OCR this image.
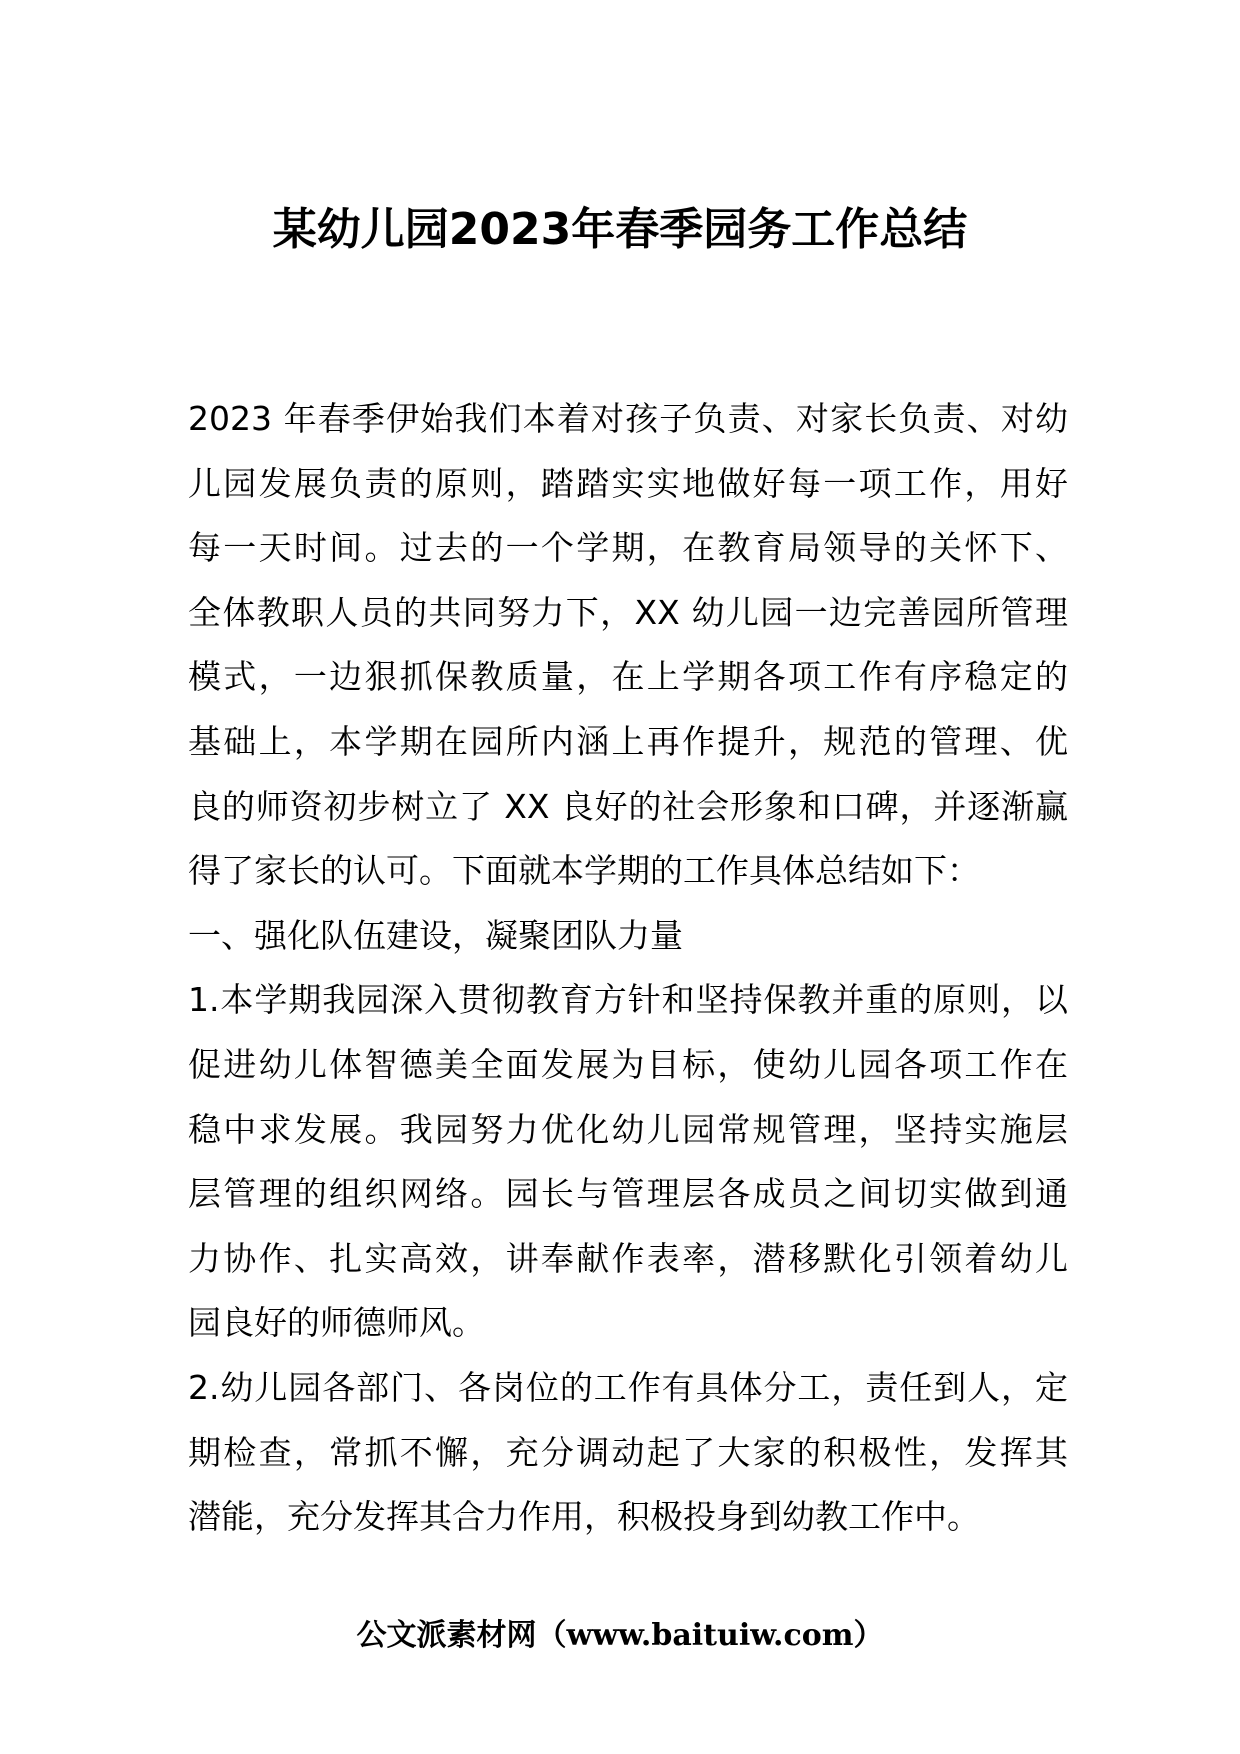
某幼儿园2023年春季园务工作总结
2023 年春季伊始我们本着对孩子负责、对家长负责、对幼
儿园发展负责的原则，踏踏实实地做好每一项工作，用好
每一天时间。过去的一个学期，在教育局领导的关怀下、
全体教职人员的共同努力下，XX 幼儿园一边完善园所管理
模式，一边狠抓保教质量，在上学期各项工作有序稳定的
基础上，本学期在园所内涵上再作提升，规范的管理、优
良的师资初步树立了 XX 良好的社会形象和口碑，并逐渐赢
得了家长的认可。下面就本学期的工作具体总结如下：
一、强化队伍建设，凝聚团队力量
1.本学期我园深入贯彻教育方针和坚持保教并重的原则，以
促进幼儿体智德美全面发展为目标，使幼儿园各项工作在
稳中求发展。我园努力优化幼儿园常规管理，坚持实施层
层管理的组织网络。园长与管理层各成员之间切实做到通
力协作、扎实高效，讲奉献作表率，潜移默化引领着幼儿
园良好的师德师风。
2.幼儿园各部门、各岗位的工作有具体分工，责任到人，定
期检查，常抓不懈，充分调动起了大家的积极性，发挥其
潜能，充分发挥其合力作用，积极投身到幼教工作中。
公文派素材网（www.baituiw.com）
